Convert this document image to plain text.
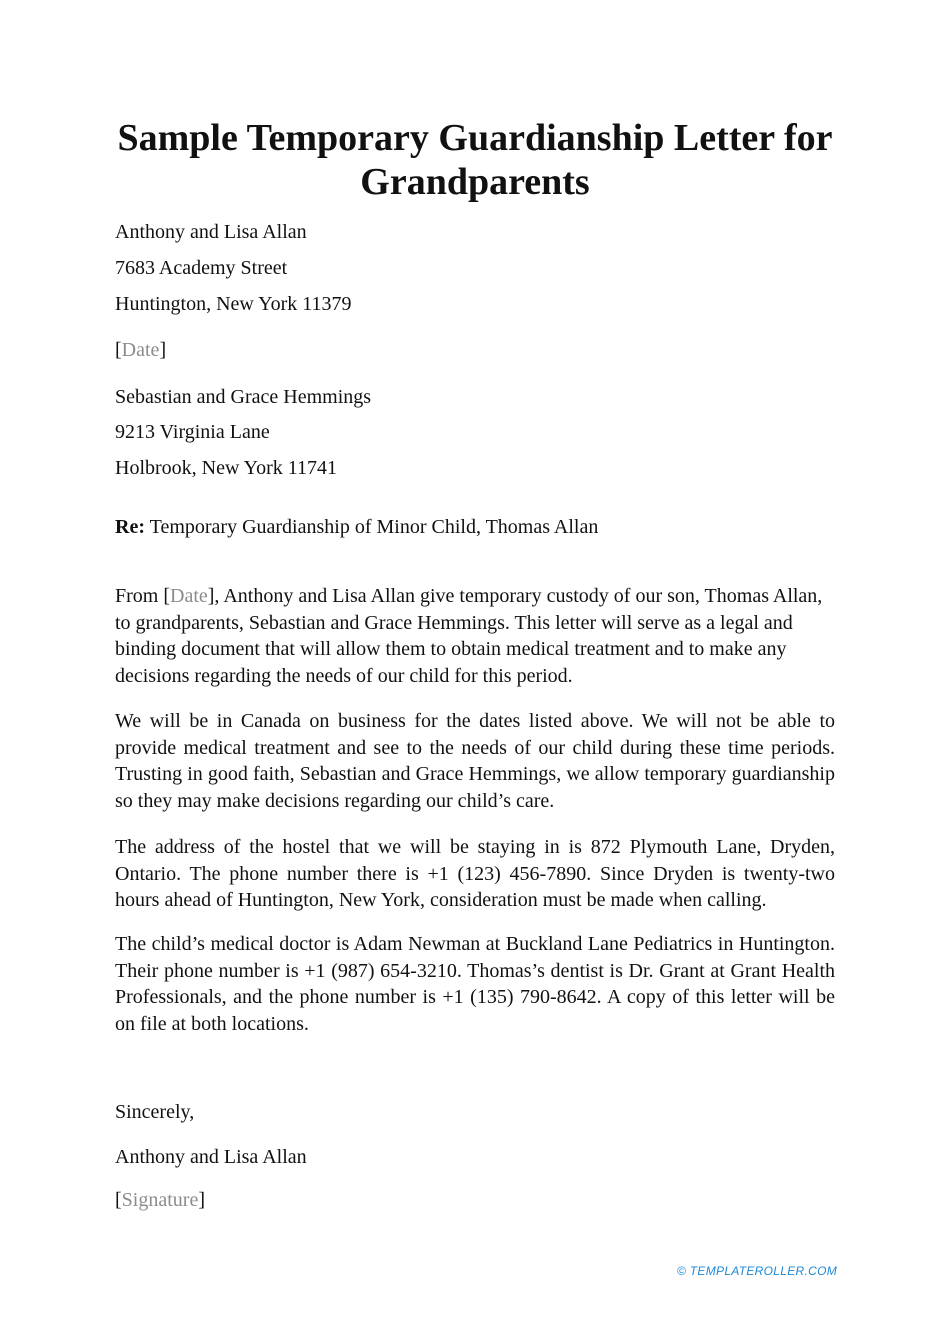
Sample Temporary Guardianship Letter for Grandparents

Anthony and Lisa Allan

7683 Academy Street

Huntington, New York 11379

[Date]

Sebastian and Grace Hemmings

9213 Virginia Lane

Holbrook, New York 11741

Re: Temporary Guardianship of Minor Child, Thomas Allan

From [Date], Anthony and Lisa Allan give temporary custody of our son, Thomas Allan, to grandparents, Sebastian and Grace Hemmings. This letter will serve as a legal and binding document that will allow them to obtain medical treatment and to make any decisions regarding the needs of our child for this period.

We will be in Canada on business for the dates listed above. We will not be able to provide medical treatment and see to the needs of our child during these time periods. Trusting in good faith, Sebastian and Grace Hemmings, we allow temporary guardianship so they may make decisions regarding our child’s care.

The address of the hostel that we will be staying in is 872 Plymouth Lane, Dryden, Ontario. The phone number there is +1 (123) 456-7890. Since Dryden is twenty-two hours ahead of Huntington, New York, consideration must be made when calling.

The child’s medical doctor is Adam Newman at Buckland Lane Pediatrics in Huntington. Their phone number is +1 (987) 654-3210. Thomas’s dentist is Dr. Grant at Grant Health Professionals, and the phone number is +1 (135) 790-8642. A copy of this letter will be on file at both locations.

Sincerely,

Anthony and Lisa Allan

[Signature]

© TEMPLATEROLLER.COM
